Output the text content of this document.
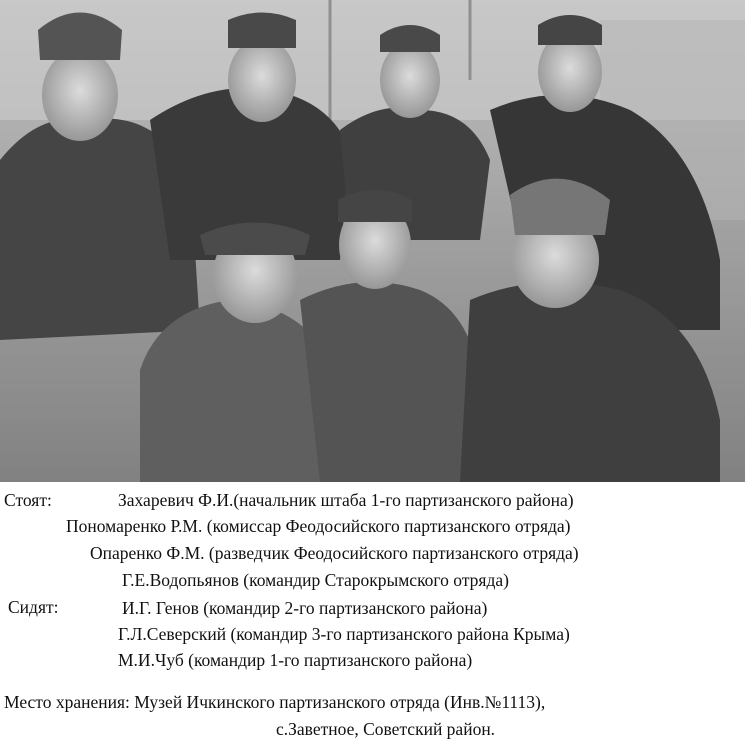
Стоят:	Захаревич Ф.И.(начальник штаба 1-го партизанского района)
Пономаренко Р.М. (комиссар Феодосийского партизанского отряда)
Опаренко Ф.М. (разведчик Феодосийского партизанского отряда)
Г.Е.Водопьянов (командир Старокрымского отряда)
Сидят:	И.Г. Генов (командир 2-го партизанского района)
Г.Л.Северский (командир 3-го партизанского района Крыма)
М.И.Чуб (командир 1-го партизанского района)
Место хранения: Музей Ичкинского партизанского отряда (Инв.№1113),
с.Заветное, Советский район.
